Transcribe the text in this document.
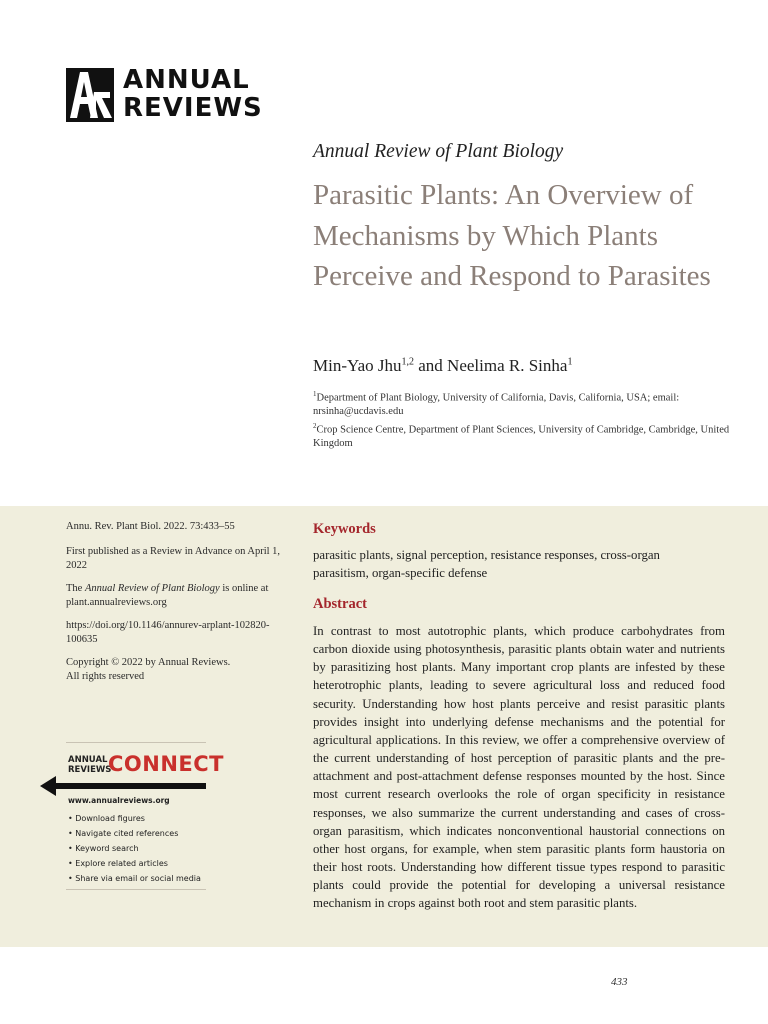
ANNUAL
REVIEWS
Annual Review of Plant Biology
Parasitic Plants: An Overview of Mechanisms by Which Plants Perceive and Respond to Parasites
Min-Yao Jhu$^{1,2}$ and Neelima R. Sinha$^1$
$^1$Department of Plant Biology, University of California, Davis, California, USA; email: nrsinha@ucdavis.edu
$^2$Crop Science Centre, Department of Plant Sciences, University of Cambridge, Cambridge, United Kingdom
Annu. Rev. Plant Biol. 2022. 73:433–55
First published as a Review in Advance on April 1, 2022
The Annual Review of Plant Biology is online at plant.annualreviews.org
https://doi.org/10.1146/annurev-arplant-102820-100635
Copyright © 2022 by Annual Reviews.
All rights reserved
ANNUAL
REVIEWS
CONNECT
www.annualreviews.org
• Download figures
• Navigate cited references
• Keyword search
• Explore related articles
• Share via email or social media
Keywords
parasitic plants, signal perception, resistance responses, cross-organ parasitism, organ-specific defense
Abstract
In contrast to most autotrophic plants, which produce carbohydrates from carbon dioxide using photosynthesis, parasitic plants obtain water and nutrients by parasitizing host plants. Many important crop plants are infested by these heterotrophic plants, leading to severe agricultural loss and reduced food security. Understanding how host plants perceive and resist parasitic plants provides insight into underlying defense mechanisms and the potential for agricultural applications. In this review, we offer a comprehensive overview of the current understanding of host perception of parasitic plants and the pre-attachment and post-attachment defense responses mounted by the host. Since most current research overlooks the role of organ specificity in resistance responses, we also summarize the current understanding and cases of cross-organ parasitism, which indicates nonconventional haustorial connections on other host organs, for example, when stem parasitic plants form haustoria on their host roots. Understanding how different tissue types respond to parasitic plants could provide the potential for developing a universal resistance mechanism in crops against both root and stem parasitic plants.
433
